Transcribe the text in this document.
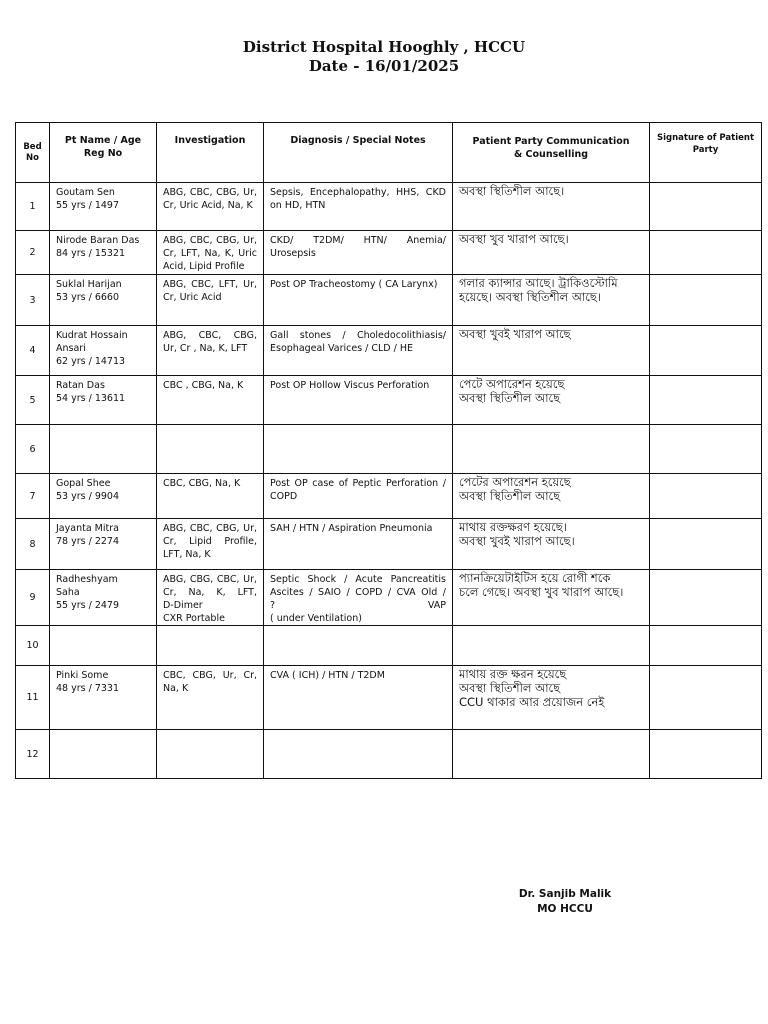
District Hospital Hooghly , HCCU
Date - 16/01/2025
Bed
No	Pt Name / Age
Reg No	Investigation	Diagnosis / Special Notes	Patient Party Communication
& Counselling	Signature of Patient
Party
1	Goutam Sen
55 yrs / 1497	ABG, CBC, CBG, Ur,
Cr, Uric Acid, Na, K	Sepsis, Encephalopathy, HHS, CKD
on HD, HTN	অবস্থা স্থিতিশীল আছে।	

2	Nirode Baran Das
84 yrs / 15321	ABG, CBC, CBG, Ur,
Cr, LFT, Na, K, Uric
Acid, Lipid Profile	CKD/ T2DM/ HTN/ Anemia/
Urosepsis	অবস্থা খুব খারাপ আছে।	

3	Suklal Harijan
53 yrs / 6660	ABG, CBC, LFT, Ur,
Cr, Uric Acid	Post OP Tracheostomy ( CA Larynx)	গলার ক্যান্সার আছে। ট্রাকিওস্টোমি
হয়েছে। অবস্থা স্থিতিশীল আছে।	

4	Kudrat Hossain
Ansari
62 yrs / 14713	ABG, CBC, CBG,
Ur, Cr , Na, K, LFT	Gall stones / Choledocolithiasis/
Esophageal Varices / CLD / HE	অবস্থা খুবই খারাপ আছে	

5	Ratan Das
54 yrs / 13611	CBC , CBG, Na, K	Post OP Hollow Viscus Perforation	পেটে অপারেশন হয়েছে
অবস্থা স্থিতিশীল আছে	

6					
7	Gopal Shee
53 yrs / 9904	CBC, CBG, Na, K	Post OP case of Peptic Perforation /
COPD	পেটের অপারেশন হয়েছে
অবস্থা স্থিতিশীল আছে	

8	Jayanta Mitra
78 yrs / 2274	ABG, CBC, CBG, Ur,
Cr, Lipid Profile,
LFT, Na, K	SAH / HTN / Aspiration Pneumonia	মাথায় রক্তক্ষরণ হয়েছে।
অবস্থা খুবই খারাপ আছে।	

9	Radheshyam
Saha
55 yrs / 2479	ABG, CBG, CBC, Ur,
Cr, Na, K, LFT,
D-Dimer
CXR Portable	Septic Shock / Acute Pancreatitis
Ascites / SAIO / COPD / CVA Old /
? VAP
( under Ventilation)	প্যানক্রিয়েটাইটিস হয়ে রোগী শকে
চলে গেছে। অবস্থা খুব খারাপ আছে।	

10					
11	Pinki Some
48 yrs / 7331	CBC, CBG, Ur, Cr,
Na, K	CVA ( ICH) / HTN / T2DM	মাথায় রক্ত ক্ষরন হয়েছে
অবস্থা স্থিতিশীল আছে
CCU থাকার আর প্রয়োজন নেই	

12					
Dr. Sanjib Malik
MO HCCU
